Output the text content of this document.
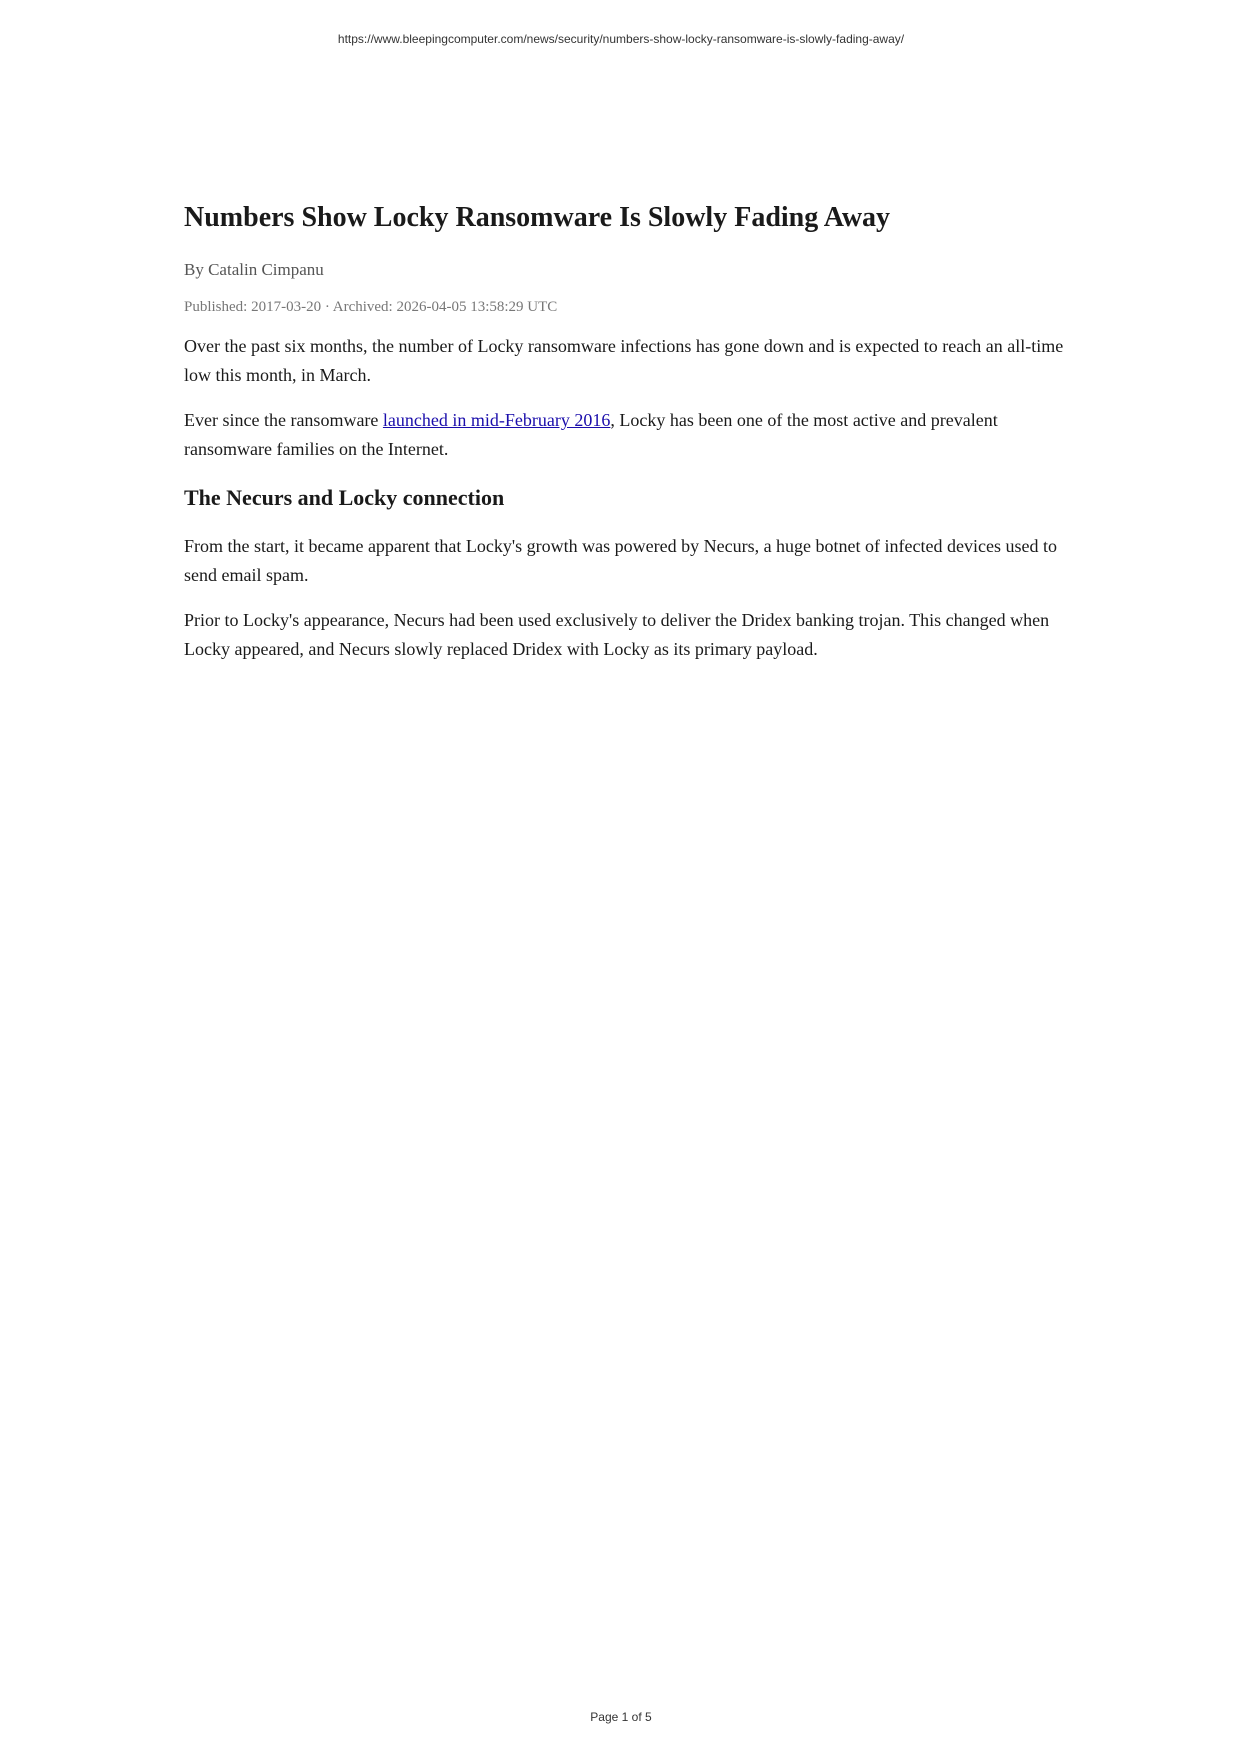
https://www.bleepingcomputer.com/news/security/numbers-show-locky-ransomware-is-slowly-fading-away/
Numbers Show Locky Ransomware Is Slowly Fading Away

By Catalin Cimpanu

Published: 2017-03-20 · Archived: 2026-04-05 13:58:29 UTC

Over the past six months, the number of Locky ransomware infections has gone down and is expected to reach an all-time low this month, in March.

Ever since the ransomware launched in mid-February 2016, Locky has been one of the most active and prevalent ransomware families on the Internet.

The Necurs and Locky connection

From the start, it became apparent that Locky's growth was powered by Necurs, a huge botnet of infected devices used to send email spam.

Prior to Locky's appearance, Necurs had been used exclusively to deliver the Dridex banking trojan. This changed when Locky appeared, and Necurs slowly replaced Dridex with Locky as its primary payload.

Page 1 of 5
